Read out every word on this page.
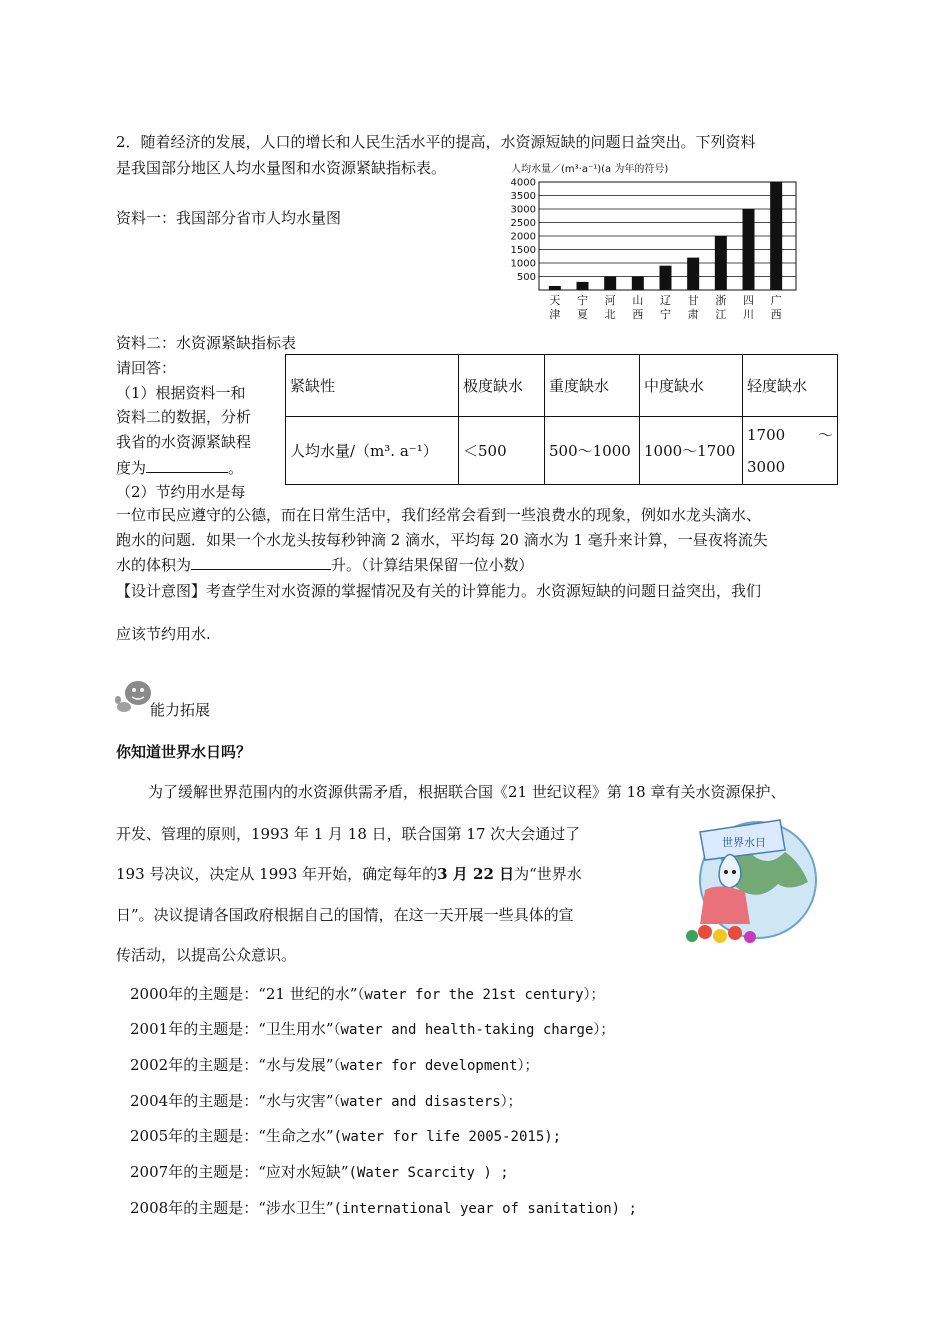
2．随着经济的发展，人口的增长和人民生活水平的提高，水资源短缺的问题日益突出。下列资料
是我国部分地区人均水量图和水资源紧缺指标表。
资料一：我国部分省市人均水量图
人均水量／(m³·a⁻¹)(a 为年的符号)
500
1000
1500
2000
2500
3000
3500
4000
天
津
宁
夏
河
北
山
西
辽
宁
甘
肃
浙
江
四
川
广
西
资料二：水资源紧缺指标表
请回答：
（1）根据资料一和
资料二的数据，分析
我省的水资源紧缺程
度为	。
（2）节约用水是每
紧缺性	极度缺水	重度缺水	中度缺水	轻度缺水
人均水量/（m³. a⁻¹）	＜500	500～1000	1000～1700	1700 ～
3000
一位市民应遵守的公德，而在日常生活中，我们经常会看到一些浪费水的现象，例如水龙头滴水、
跑水的问题．如果一个水龙头按每秒钟滴 2 滴水，平均每 20 滴水为 1 毫升来计算，一昼夜将流失
水的体积为	升。（计算结果保留一位小数）
【设计意图】考查学生对水资源的掌握情况及有关的计算能力。水资源短缺的问题日益突出，我们
应该节约用水.
能力拓展
你知道世界水日吗？
为了缓解世界范围内的水资源供需矛盾，根据联合国《21 世纪议程》第 18 章有关水资源保护、
开发、管理的原则，1993 年 1 月 18 日，联合国第 17 次大会通过了
193 号决议，决定从 1993 年开始，确定每年的3 月 22 日为“世界水
日”。决议提请各国政府根据自己的国情，在这一天开展一些具体的宣
传活动，以提高公众意识。
世界水日
2000年的主题是：“21 世纪的水”（water for the 21st century）；
2001年的主题是：“卫生用水”（water and health-taking charge）；
2002年的主题是：“水与发展”（water for development）；
2004年的主题是：“水与灾害”（water and disasters）；
2005年的主题是：“生命之水”(water for life 2005-2015);
2007年的主题是：“应对水短缺”(Water Scarcity ) ;
2008年的主题是：“涉水卫生”(international year of sanitation) ;
